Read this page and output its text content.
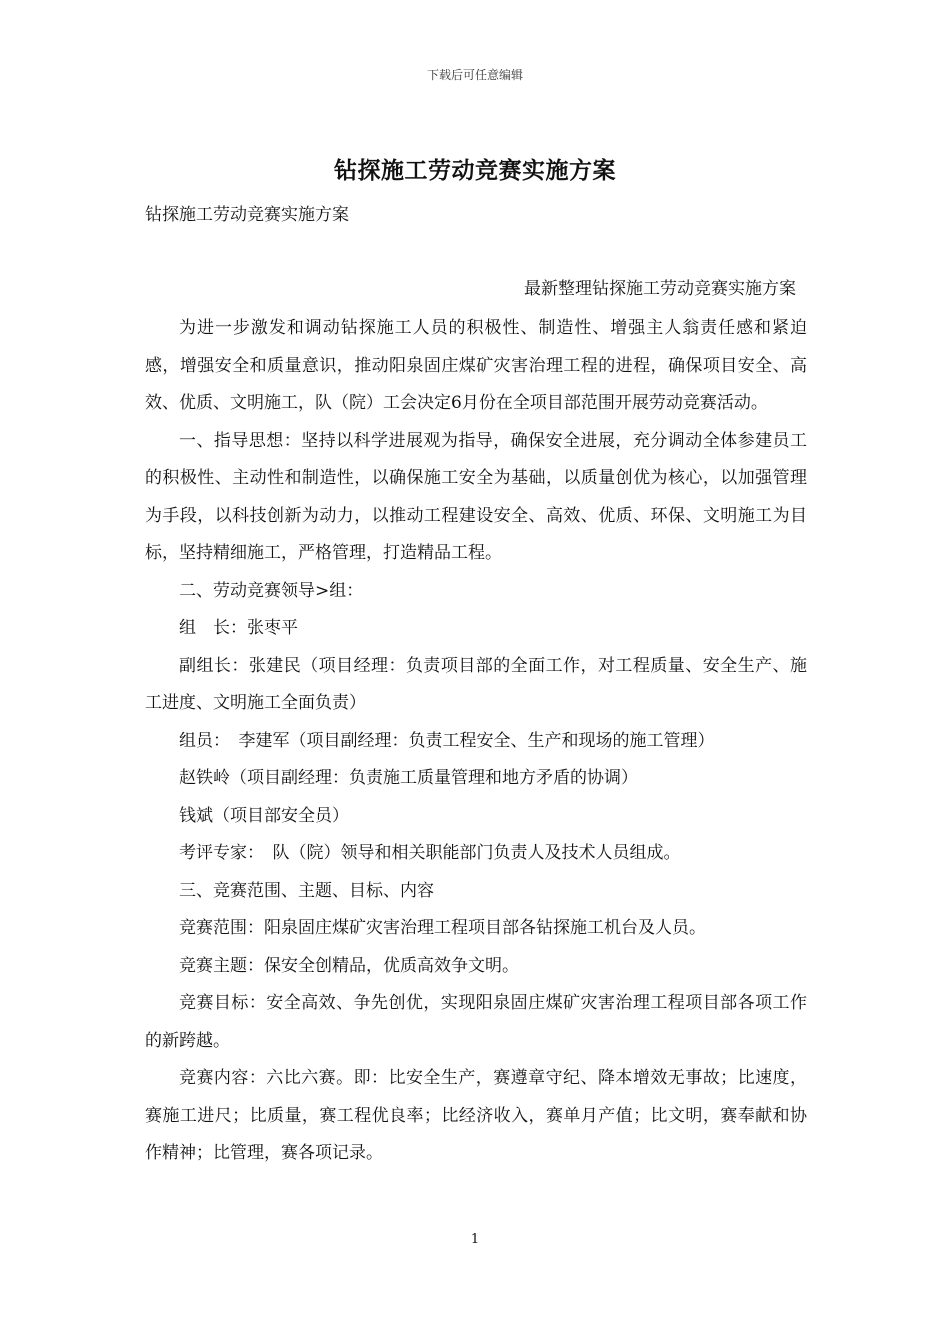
下载后可任意编辑
钻探施工劳动竞赛实施方案
钻探施工劳动竞赛实施方案
最新整理钻探施工劳动竞赛实施方案

为进一步激发和调动钻探施工人员的积极性、制造性、增强主人翁责任感和紧迫感，增强安全和质量意识，推动阳泉固庄煤矿灾害治理工程的进程，确保项目安全、高效、优质、文明施工，队（院）工会决定6月份在全项目部范围开展劳动竞赛活动。

一、指导思想：坚持以科学进展观为指导，确保安全进展，充分调动全体参建员工的积极性、主动性和制造性，以确保施工安全为基础，以质量创优为核心，以加强管理为手段，以科技创新为动力，以推动工程建设安全、高效、优质、环保、文明施工为目标，坚持精细施工，严格管理，打造精品工程。

二、劳动竞赛领导>组：

组　长：张枣平

副组长：张建民（项目经理：负责项目部的全面工作，对工程质量、安全生产、施工进度、文明施工全面负责）

组员：　李建军（项目副经理：负责工程安全、生产和现场的施工管理）

赵铁岭（项目副经理：负责施工质量管理和地方矛盾的协调）

钱斌（项目部安全员）

考评专家：　队（院）领导和相关职能部门负责人及技术人员组成。

三、竞赛范围、主题、目标、内容

竞赛范围：阳泉固庄煤矿灾害治理工程项目部各钻探施工机台及人员。

竞赛主题：保安全创精品，优质高效争文明。

竞赛目标：安全高效、争先创优，实现阳泉固庄煤矿灾害治理工程项目部各项工作的新跨越。

竞赛内容：六比六赛。即：比安全生产，赛遵章守纪、降本增效无事故；比速度，赛施工进尺；比质量，赛工程优良率；比经济收入，赛单月产值；比文明，赛奉献和协作精神；比管理，赛各项记录。

1
